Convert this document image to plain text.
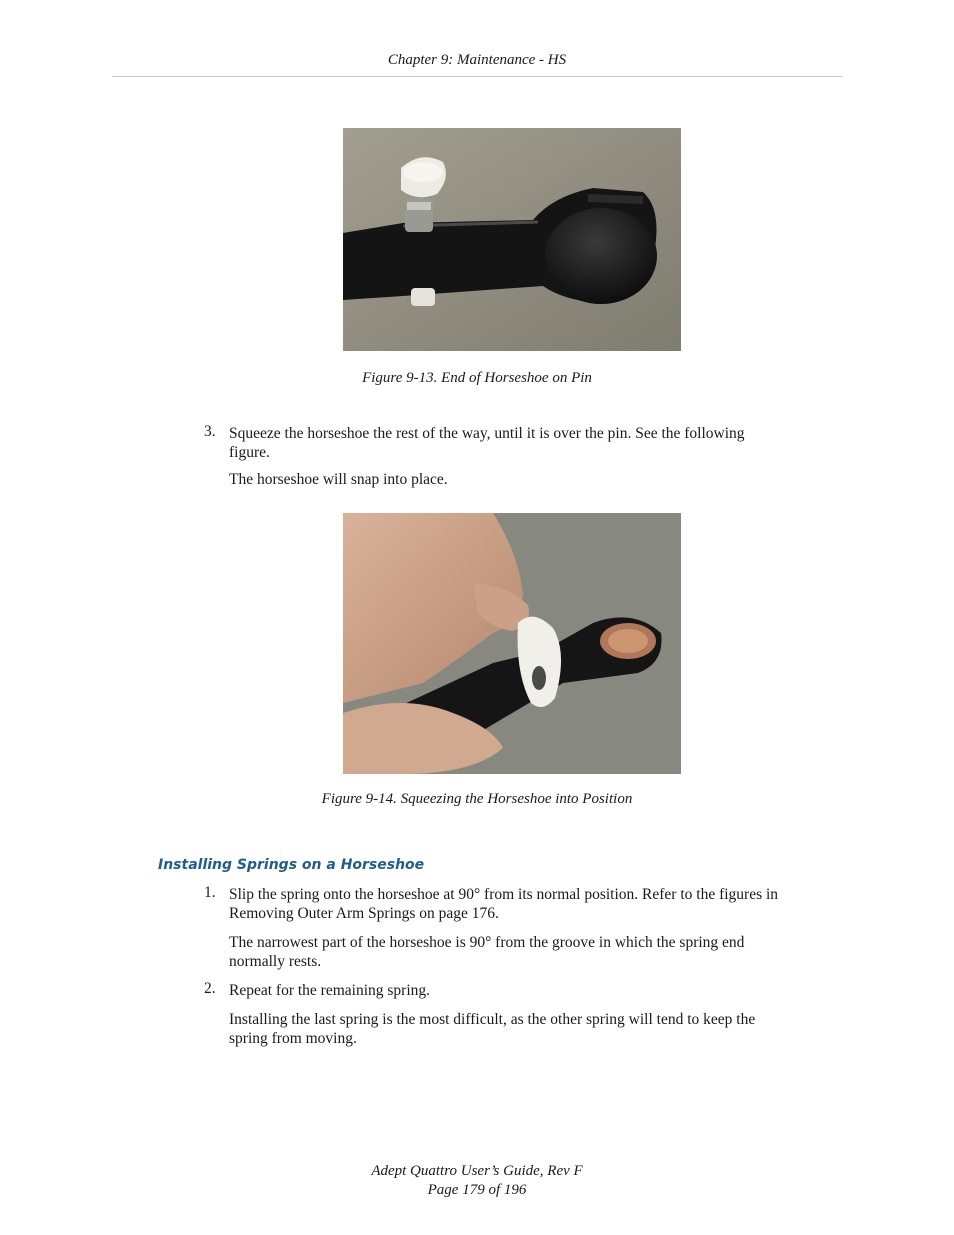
Chapter 9: Maintenance - HS
Figure 9-13. End of Horseshoe on Pin
3. Squeeze the horseshoe the rest of the way, until it is over the pin. See the following
figure.
The horseshoe will snap into place.
Figure 9-14. Squeezing the Horseshoe into Position
Installing Springs on a Horseshoe
1. Slip the spring onto the horseshoe at 90° from its normal position. Refer to the figures in
Removing Outer Arm Springs on page 176.
The narrowest part of the horseshoe is 90° from the groove in which the spring end
normally rests.
2. Repeat for the remaining spring.
Installing the last spring is the most difficult, as the other spring will tend to keep the
spring from moving.
Adept Quattro User’s Guide, Rev F
Page 179 of 196
